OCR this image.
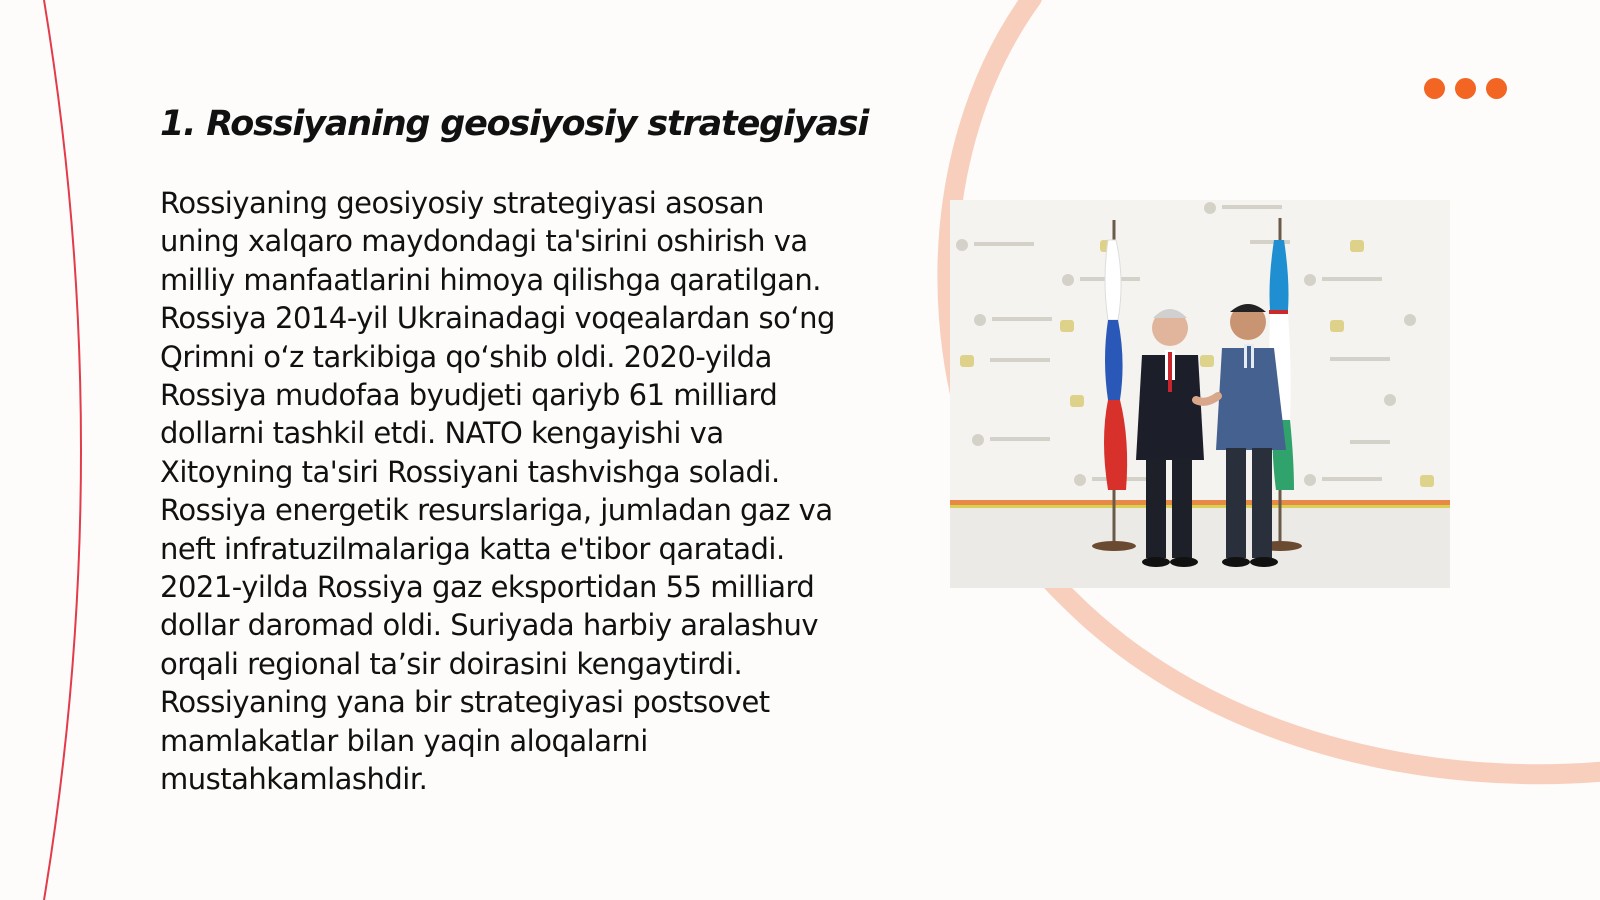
1. Rossiyaning geosiyosiy strategiyasi

Rossiyaning geosiyosiy strategiyasi asosan uning xalqaro maydondagi ta'sirini oshirish va milliy manfaatlarini himoya qilishga qaratilgan. Rossiya 2014-yil Ukrainadagi voqealardan so‘ng Qrimni o‘z tarkibiga qo‘shib oldi. 2020-yilda Rossiya mudofaa byudjeti qariyb 61 milliard dollarni tashkil etdi. NATO kengayishi va Xitoyning ta'siri Rossiyani tashvishga soladi. Rossiya energetik resurslariga, jumladan gaz va neft infratuzilmalariga katta e'tibor qaratadi. 2021-yilda Rossiya gaz eksportidan 55 milliard dollar daromad oldi. Suriyada harbiy aralashuv orqali regional ta’sir doirasini kengaytirdi. Rossiyaning yana bir strategiyasi postsovet mamlakatlar bilan yaqin aloqalarni mustahkamlashdir.
